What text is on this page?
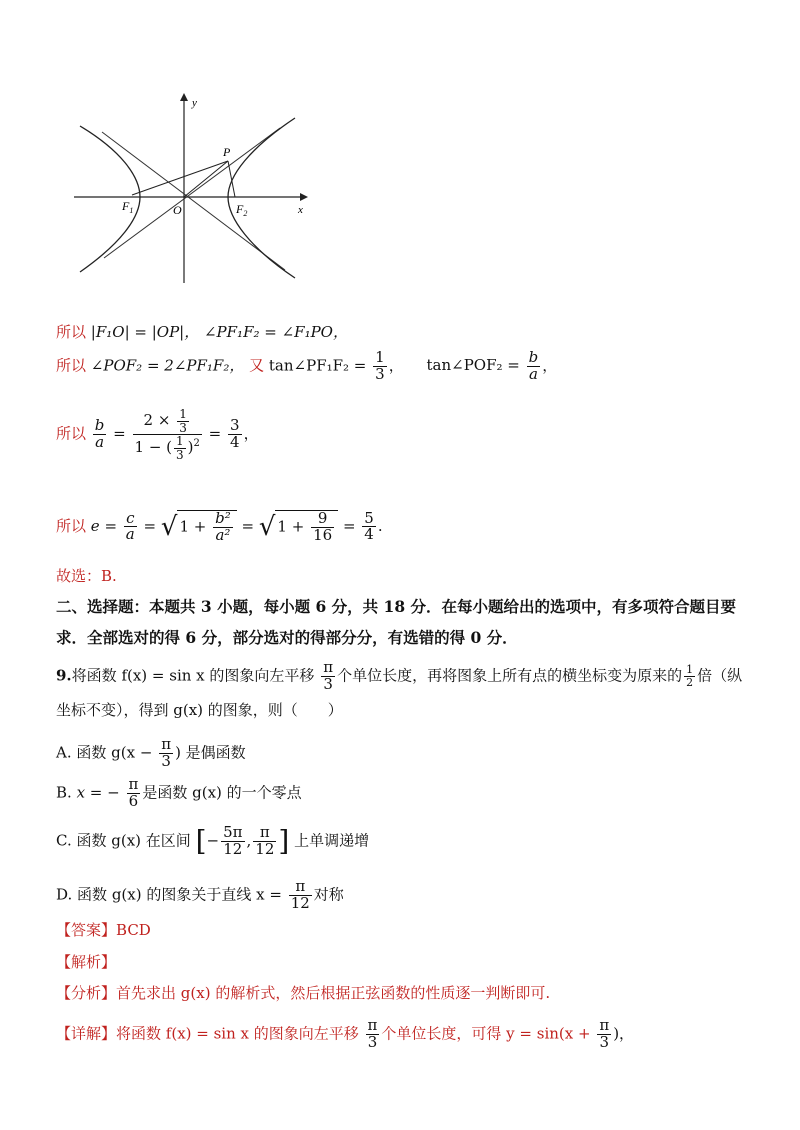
x
y
O
P
$F_1$	$F_2$
所以 |F₁O| = |OP|， ∠PF₁F₂ = ∠F₁PO，
所以 ∠POF₂ = 2∠PF₁F₂， 又 tan∠PF₁F₂ = $\frac{1}{3}$ ， tan∠POF₂ = $\frac{b}{a}$ ，
所以 $\frac{b}{a} = \frac{2 \times \frac{1}{3}}{1 - ( \frac{1}{3} )^2} = \frac{3}{4}$ ，
所以 $e = \frac{c}{a}$ = √ $1 + \frac{\text{b²}}{\text{a²}}$ = √ $1 + \frac{9}{16} = \frac{5}{4}$ .
故选：B.
二、选择题：本题共 3 小题，每小题 6 分，共 18 分．在每小题给出的选项中，有多项符合题目要
求．全部选对的得 6 分，部分选对的得部分分，有选错的得 0 分．
9.将函数 f(x) = sin x 的图象向左平移 $\frac{\pi}{3}$ 个单位长度，再将图象上所有点的横坐标变为原来的 $\frac{1}{2}$ 倍（纵
坐标不变），得到 g(x) 的图象，则（　　）
A. 函数 $g(x - \frac{\pi}{3}$ ) 是偶函数
B. x = − $\frac{\pi}{6}$ 是函数 g(x) 的一个零点
C. 函数 g(x) 在区间 [− $\frac{5\pi}{12}$ , $\frac{\pi}{12}$ ] 上单调递增
D. 函数 g(x) 的图象关于直线 $x = \frac{\pi}{12}$ 对称
【答案】BCD
【解析】
【分析】首先求出 g(x) 的解析式，然后根据正弦函数的性质逐一判断即可.
【详解】将函数 f(x) = sin x 的图象向左平移 $\frac{\pi}{3}$ 个单位长度，可得 $y = \sin(x + \frac{\pi}{3}$ )，
